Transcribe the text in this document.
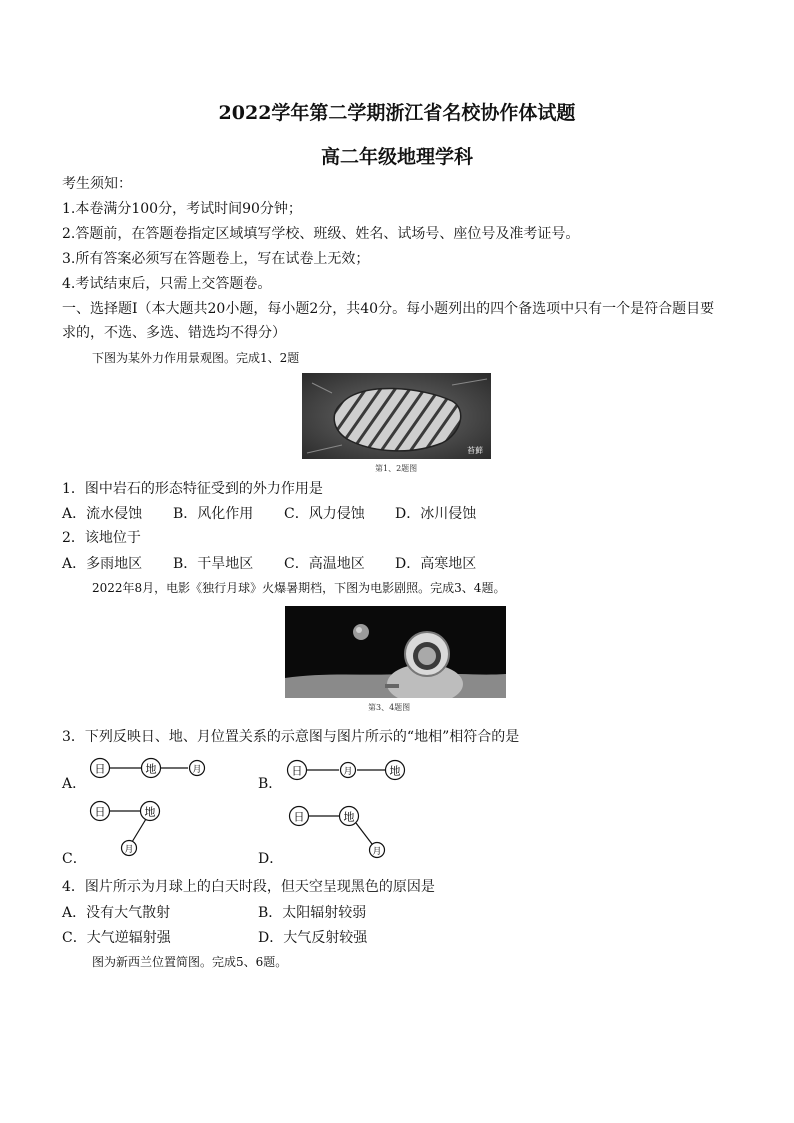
2022学年第二学期浙江省名校协作体试题
高二年级地理学科
考生须知：
1.本卷满分100分，考试时间90分钟；
2.答题前，在答题卷指定区域填写学校、班级、姓名、试场号、座位号及准考证号。
3.所有答案必须写在答题卷上，写在试卷上无效；
4.考试结束后，只需上交答题卷。
一、选择题Ⅰ（本大题共20小题，每小题2分，共40分。每小题列出的四个备选项中只有一个是符合题目要
求的，不选、多选、错选均不得分）
下图为某外力作用景观图。完成1、2题
苔藓
第1、2题图
1．图中岩石的形态特征受到的外力作用是
A．流水侵蚀 B．风化作用 C．风力侵蚀 D．冰川侵蚀
2．该地位于
A．多雨地区 B．干旱地区 C．高温地区 D．高寒地区
2022年8月，电影《独行月球》火爆暑期档，下图为电影剧照。完成3、4题。
第3、4题图
3．下列反映日、地、月位置关系的示意图与图片所示的“地相”相符合的是
A．
日	地	月
B．
日	月	地
C．
日	地
月
D．
日	地
月
4．图片所示为月球上的白天时段，但天空呈现黑色的原因是
A．没有大气散射	B．太阳辐射较弱
C．大气逆辐射强	D．大气反射较强
图为新西兰位置简图。完成5、6题。
